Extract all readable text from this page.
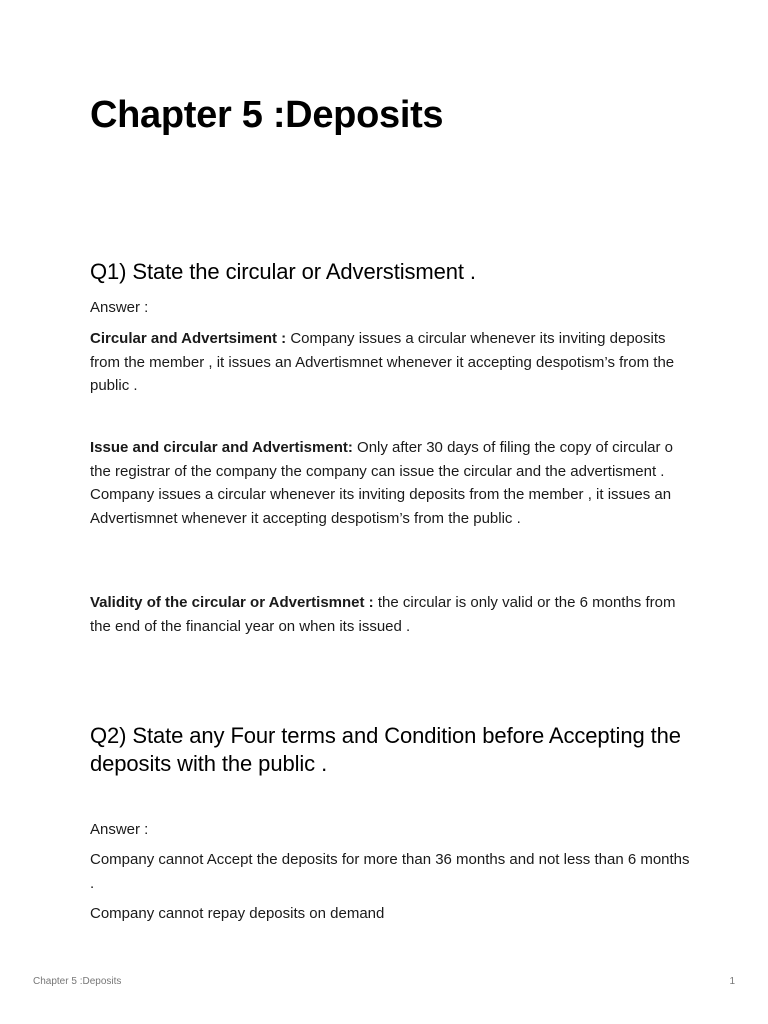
Chapter 5 :Deposits
Q1) State the circular or Adverstisment .

Answer :

Circular and Advertsiment : Company issues a circular whenever its inviting deposits from the member , it issues an Advertismnet whenever it accepting despotism’s from the public .

Issue and circular and Advertisment: Only after 30 days of filing the copy of circular o the registrar of the company the company can issue the circular and the advertisment . Company issues a circular whenever its inviting deposits from the member , it issues an Advertismnet whenever it accepting despotism’s from the public .

Validity of the circular or Advertismnet : the circular is only valid or the 6 months from the end of the financial year on when its issued .

Q2) State any Four terms and Condition before Accepting the deposits with the public .

Answer :

Company cannot Accept the deposits for more than 36 months and not less than 6 months .

Company cannot repay deposits on demand

Chapter 5 :Deposits	1
